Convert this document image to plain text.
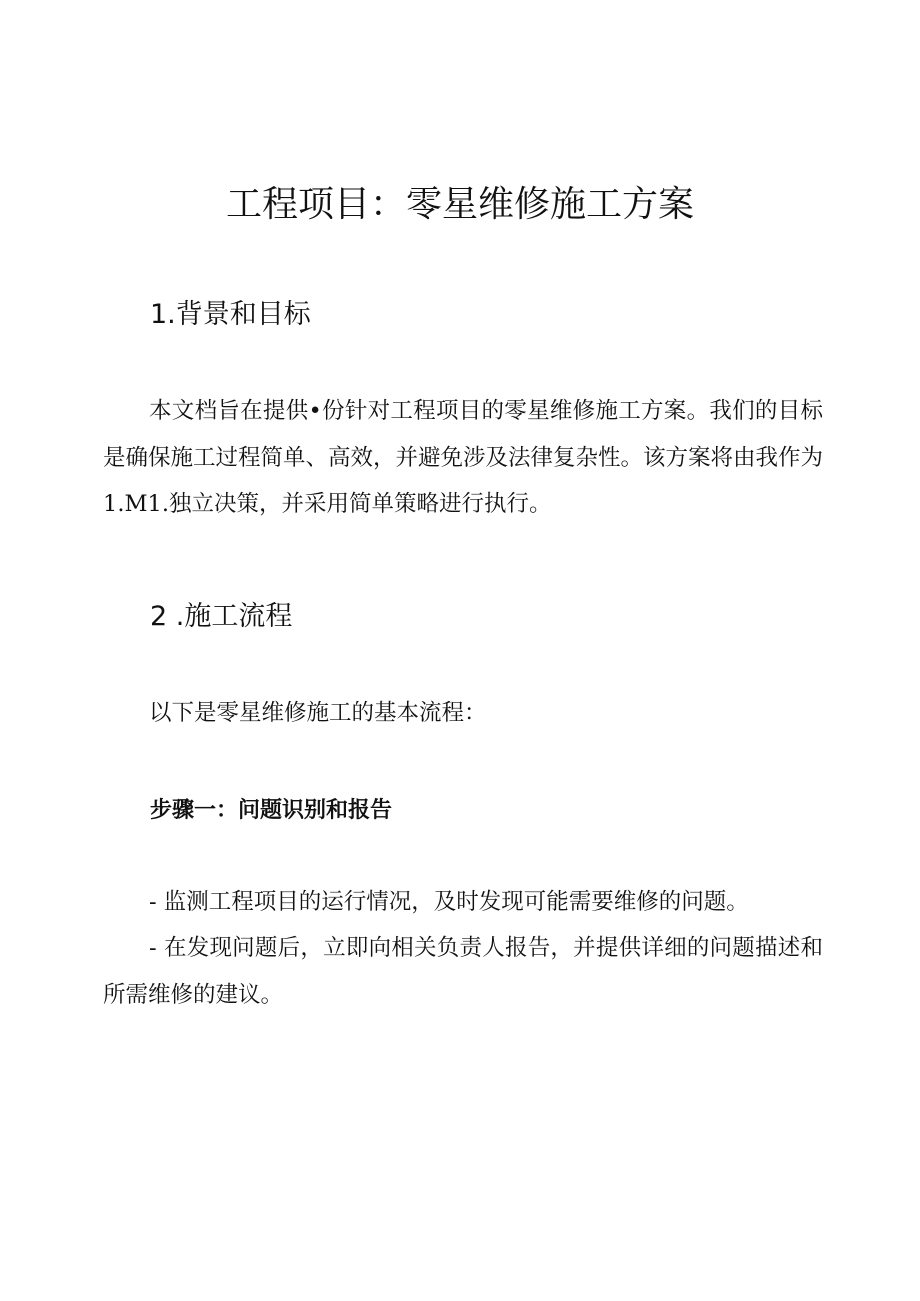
工程项目：零星维修施工方案
1.背景和目标

本文档旨在提供•份针对工程项目的零星维修施工方案。我们的目标是确保施工过程简单、高效，并避免涉及法律复杂性。该方案将由我作为1.M1.独立决策，并采用简单策略进行执行。

2 .施工流程

以下是零星维修施工的基本流程：

步骤一：问题识别和报告

- 监测工程项目的运行情况，及时发现可能需要维修的问题。

- 在发现问题后，立即向相关负责人报告，并提供详细的问题描述和所需维修的建议。
